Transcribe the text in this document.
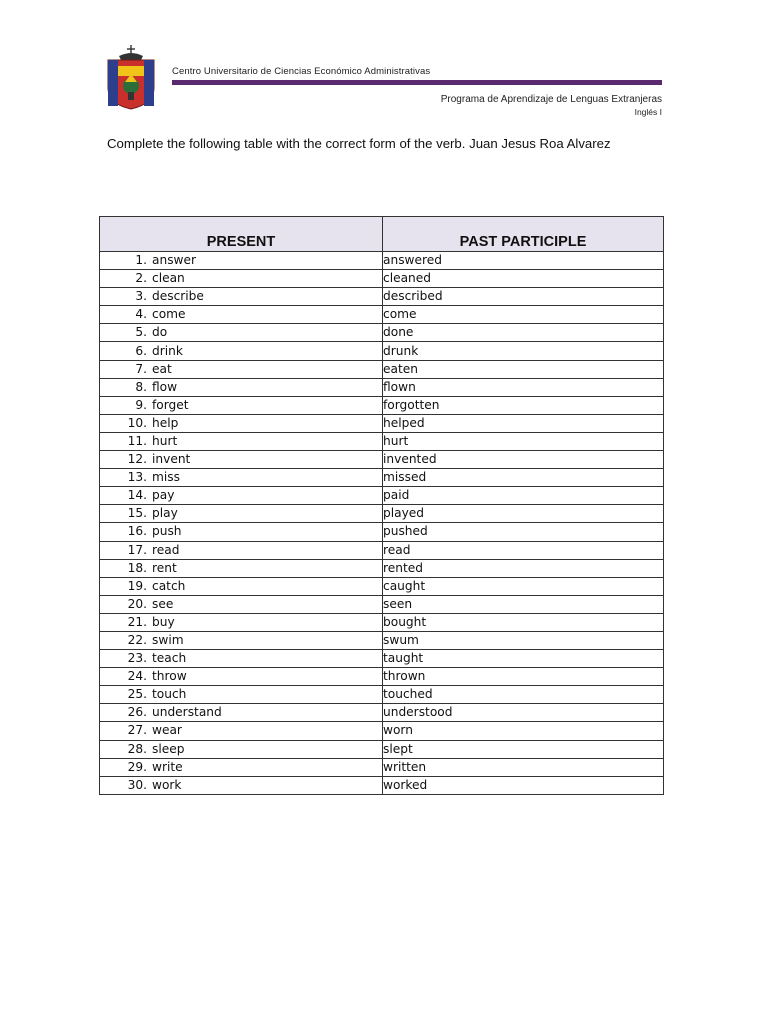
Centro Universitario de Ciencias Económico Administrativas
Programa de Aprendizaje de Lenguas Extranjeras
Inglés I
Complete the following table with the correct form of the verb. Juan Jesus Roa Alvarez
PRESENT	PAST PARTICIPLE
1. answer	answered
2. clean	cleaned
3. describe	described
4. come	come
5. do	done
6. drink	drunk
7. eat	eaten
8. flow	flown
9. forget	forgotten
10. help	helped
11. hurt	hurt
12. invent	invented
13. miss	missed
14. pay	paid
15. play	played
16. push	pushed
17. read	read
18. rent	rented
19. catch	caught
20. see	seen
21. buy	bought
22. swim	swum
23. teach	taught
24. throw	thrown
25. touch	touched
26. understand	understood
27. wear	worn
28. sleep	slept
29. write	written
30. work	worked
